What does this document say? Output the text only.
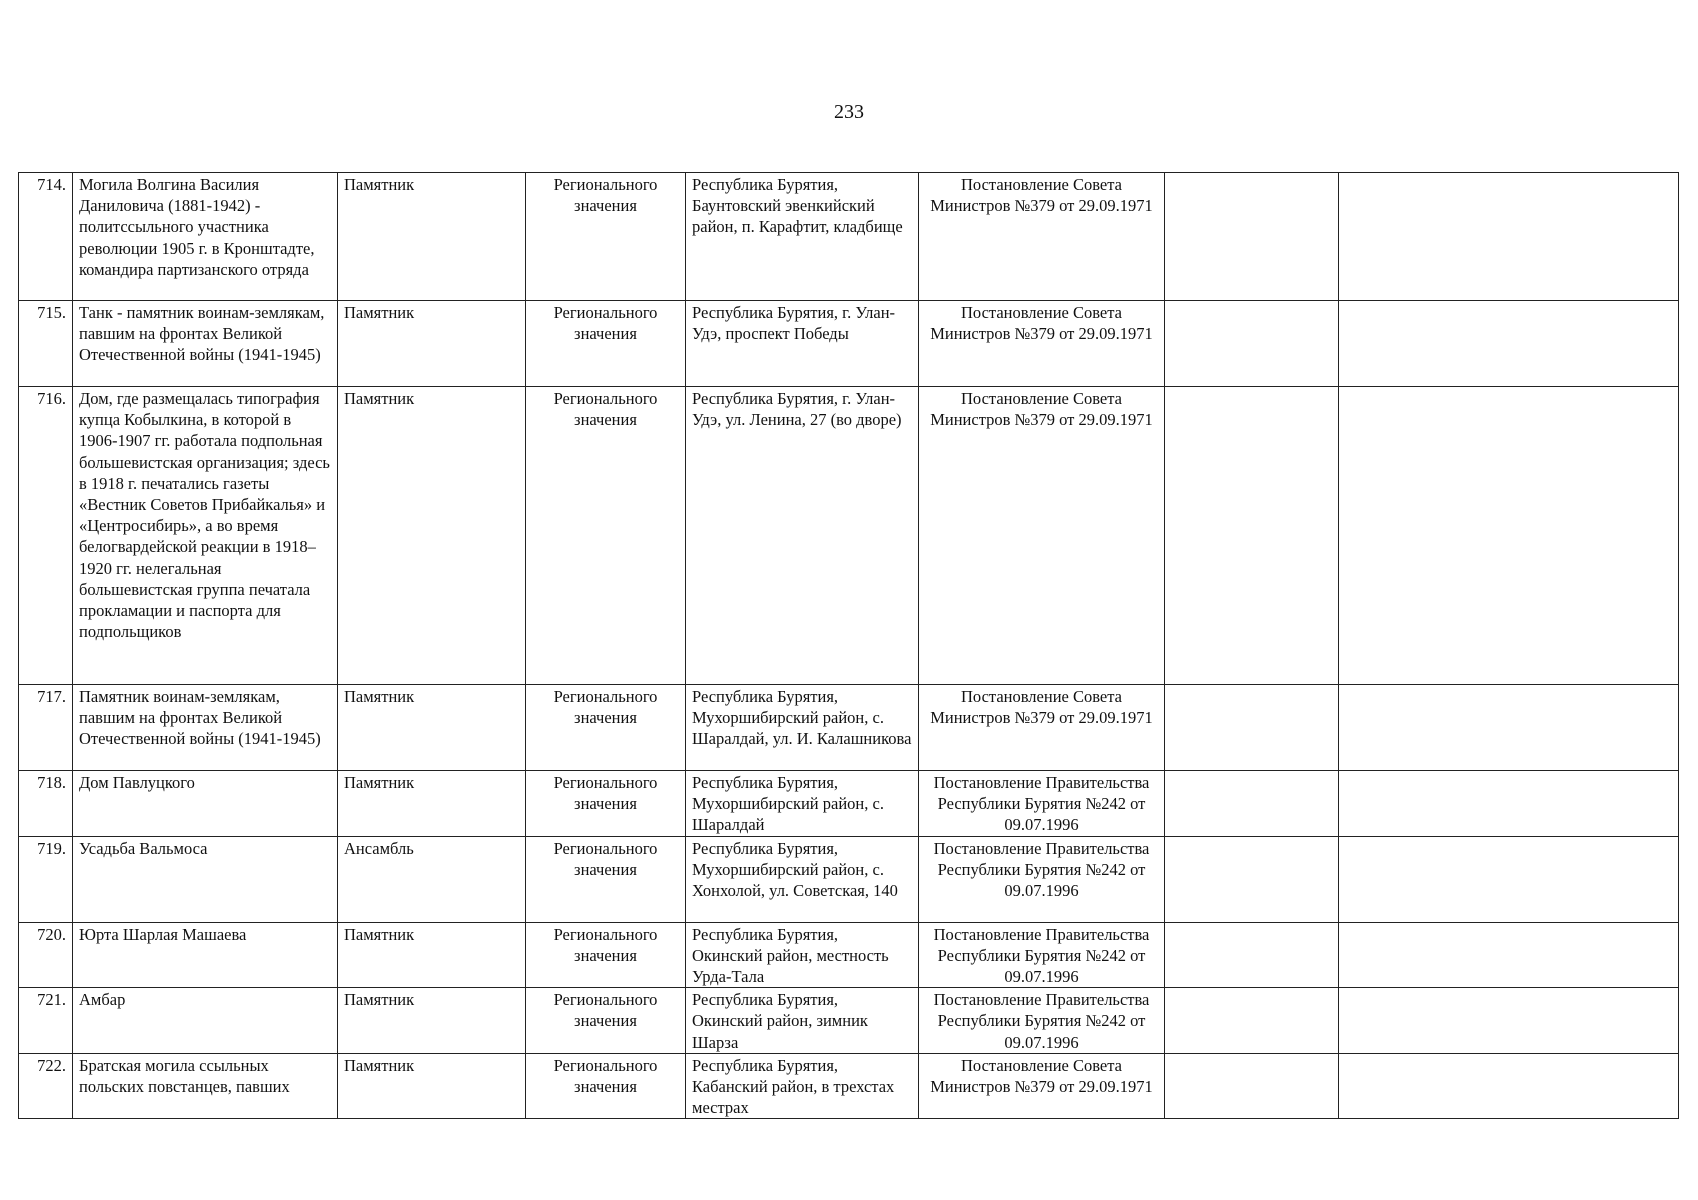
233
714.	Могила Волгина Василия Даниловича (1881-1942) - политссыльного участника революции 1905 г. в Кронштадте, командира партизанского отряда	Памятник	Регионального значения	Республика Бурятия, Баунтовский эвенкийский район, п. Карафтит, кладбище	Постановление Совета Министров №379 от 29.09.1971		
715.	Танк - памятник воинам-землякам, павшим на фронтах Великой Отечественной войны (1941-1945)	Памятник	Регионального значения	Республика Бурятия, г. Улан-Удэ, проспект Победы	Постановление Совета Министров №379 от 29.09.1971		
716.	Дом, где размещалась типография купца Кобылкина, в которой в 1906-1907 гг. работала подпольная большевистская организация; здесь в 1918 г. печатались газеты «Вестник Советов Прибайкалья» и «Центросибирь», а во время белогвардейской реакции в 1918–1920 гг. нелегальная большевистская группа печатала прокламации и паспорта для подпольщиков	Памятник	Регионального значения	Республика Бурятия, г. Улан-Удэ, ул. Ленина, 27 (во дворе)	Постановление Совета Министров №379 от 29.09.1971		
717.	Памятник воинам-землякам, павшим на фронтах Великой Отечественной войны (1941-1945)	Памятник	Регионального значения	Республика Бурятия, Мухоршибирский район, с. Шаралдай, ул. И. Калашникова	Постановление Совета Министров №379 от 29.09.1971		
718.	Дом Павлуцкого	Памятник	Регионального значения	Республика Бурятия, Мухоршибирский район, с. Шаралдай	Постановление Правительства Республики Бурятия №242 от 09.07.1996		
719.	Усадьба Вальмоса	Ансамбль	Регионального значения	Республика Бурятия, Мухоршибирский район, с. Хонхолой, ул. Советская, 140	Постановление Правительства Республики Бурятия №242 от 09.07.1996		
720.	Юрта Шарлая Машаева	Памятник	Регионального значения	Республика Бурятия, Окинский район, местность Урда-Тала	Постановление Правительства Республики Бурятия №242 от 09.07.1996		
721.	Амбар	Памятник	Регионального значения	Республика Бурятия, Окинский район, зимник Шарза	Постановление Правительства Республики Бурятия №242 от 09.07.1996		
722.	Братская могила ссыльных польских повстанцев, павших	Памятник	Регионального значения	Республика Бурятия, Кабанский район, в трехстах местрах	Постановление Совета Министров №379 от 29.09.1971		
